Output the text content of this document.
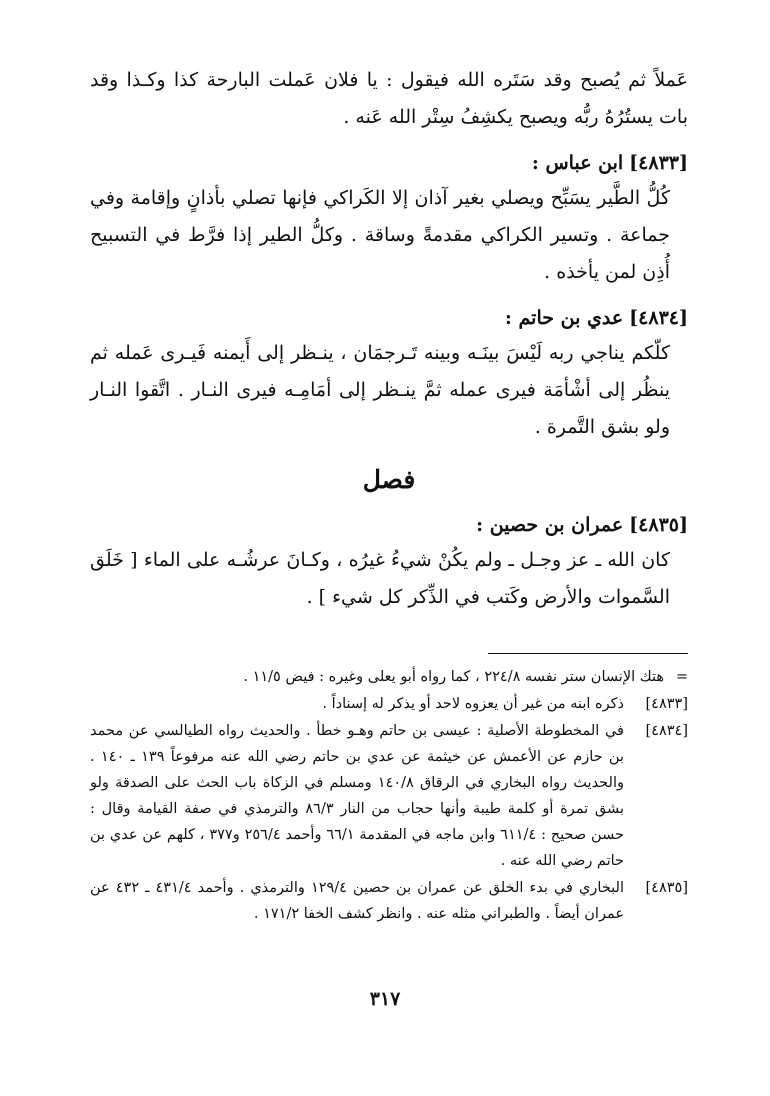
عَملاً ثم يُصبح وقد سَتَره الله فيقول : يا فلان عَملت البارحة كذا وكـذا وقد بات يستُرُهُ ربُّه ويصبح يكشِفُ سِتْر الله عَنه .

[٤٨٣٣]
ابن عباس :

كُلُّ الطَّير يسَبِّح ويصلي بغير آذان إلا الكَراكي فإنها تصلي بأذانٍ وإقامة وفي جماعة . وتسير الكراكي مقدمةً وساقة . وكلُّ الطير إذا فرَّط في التسبيح أُذِن لمن يأخذه .

[٤٨٣٤]
عدي بن حاتم :

كلّكم يناجي ربه لَيْسَ بينَـه وبينه تَـرجمَان ، ينـظر إلى أَيمنه فَيـرى عَمله ثم ينظُر إلى أشْأمَة فيرى عمله ثمَّ ينـظر إلى أمَامِـه فيرى النـار . اتَّقوا النـار ولو بشق التَّمرة .

فصل
[٤٨٣٥]
عمران بن حصين :

كان الله ـ عز وجـل ـ ولم يكُنْ شيءُ غيرُه ، وكـانَ عرشُـه على الماء [ خَلَق السَّموات والأرض وكَتب في الذِّكر كل شيء ] .

=
هتك الإنسان ستر نفسه ٢٢٤/٨ ، كما رواه أبو يعلى وغيره : فيض ١١/٥ .
[٤٨٣٣]
ذكره ابنه من غير أن يعزوه لاحد أو يذكر له إسناداً .
[٤٨٣٤]
في المخطوطة الأصلية : عيسى بن حاتم وهـو خطأ . والحديث رواه الطيالسي عن محمد بن حازم عن الأعمش عن خيثمة عن عدي بن حاتم رضي الله عنه مرفوعاً ١٣٩ ـ ١٤٠ . والحديث رواه البخاري في الرقاق ١٤٠/٨ ومسلم في الزكاة باب الحث على الصدقة ولو بشق تمرة أو كلمة طيبة وأنها حجاب من النار ٨٦/٣ والترمذي في صفة القيامة وقال : حسن صحيح : ٦١١/٤ وابن ماجه في المقدمة ٦٦/١ وأحمد ٢٥٦/٤ و٣٧٧ ، كلهم عن عدي بن حاتم رضي الله عنه .
[٤٨٣٥]
البخاري في بدء الخلق عن عمران بن حصين ١٢٩/٤ والترمذي . وأحمد ٤٣١/٤ ـ ٤٣٢ عن عمران أيضاً . والطبراني مثله عنه . وانظر كشف الخفا ١٧١/٢ .
٣١٧
